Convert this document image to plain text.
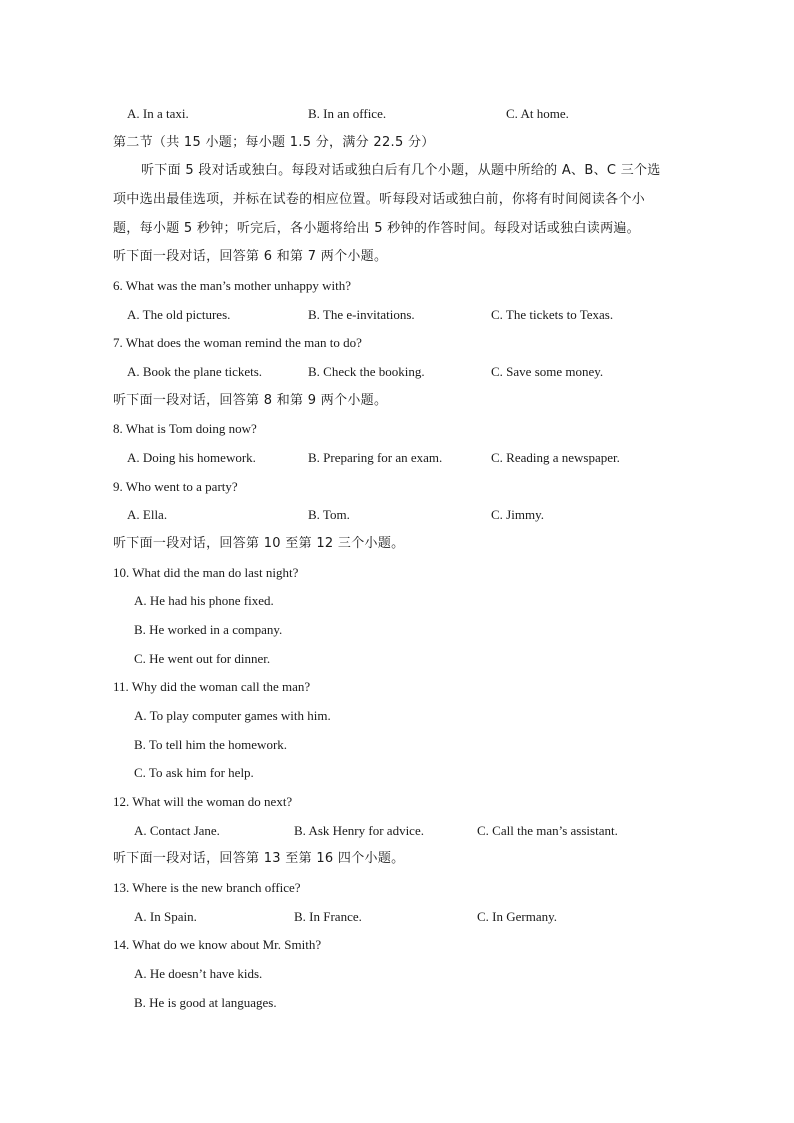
A. In a taxi.	B. In an office.	C. At home.
第二节（共 15 小题；每小题 1.5 分，满分 22.5 分）
听下面 5 段对话或独白。每段对话或独白后有几个小题，从题中所给的 A、B、C 三个选
项中选出最佳选项，并标在试卷的相应位置。听每段对话或独白前，你将有时间阅读各个小
题，每小题 5 秒钟；听完后，各小题将给出 5 秒钟的作答时间。每段对话或独白读两遍。
听下面一段对话，回答第 6 和第 7 两个小题。
6. What was the man’s mother unhappy with?
A. The old pictures.	B. The e-invitations.	C. The tickets to Texas.
7. What does the woman remind the man to do?
A. Book the plane tickets.	B. Check the booking.	C. Save some money.
听下面一段对话，回答第 8 和第 9 两个小题。
8. What is Tom doing now?
A. Doing his homework.	B. Preparing for an exam.	C. Reading a newspaper.
9. Who went to a party?
A. Ella.	B. Tom.	C. Jimmy.
听下面一段对话，回答第 10 至第 12 三个小题。
10. What did the man do last night?
A. He had his phone fixed.
B. He worked in a company.
C. He went out for dinner.
11. Why did the woman call the man?
A. To play computer games with him.
B. To tell him the homework.
C. To ask him for help.
12. What will the woman do next?
A. Contact Jane.	B. Ask Henry for advice.	C. Call the man’s assistant.
听下面一段对话，回答第 13 至第 16 四个小题。
13. Where is the new branch office?
A. In Spain.	B. In France.	C. In Germany.
14. What do we know about Mr. Smith?
A. He doesn’t have kids.
B. He is good at languages.
